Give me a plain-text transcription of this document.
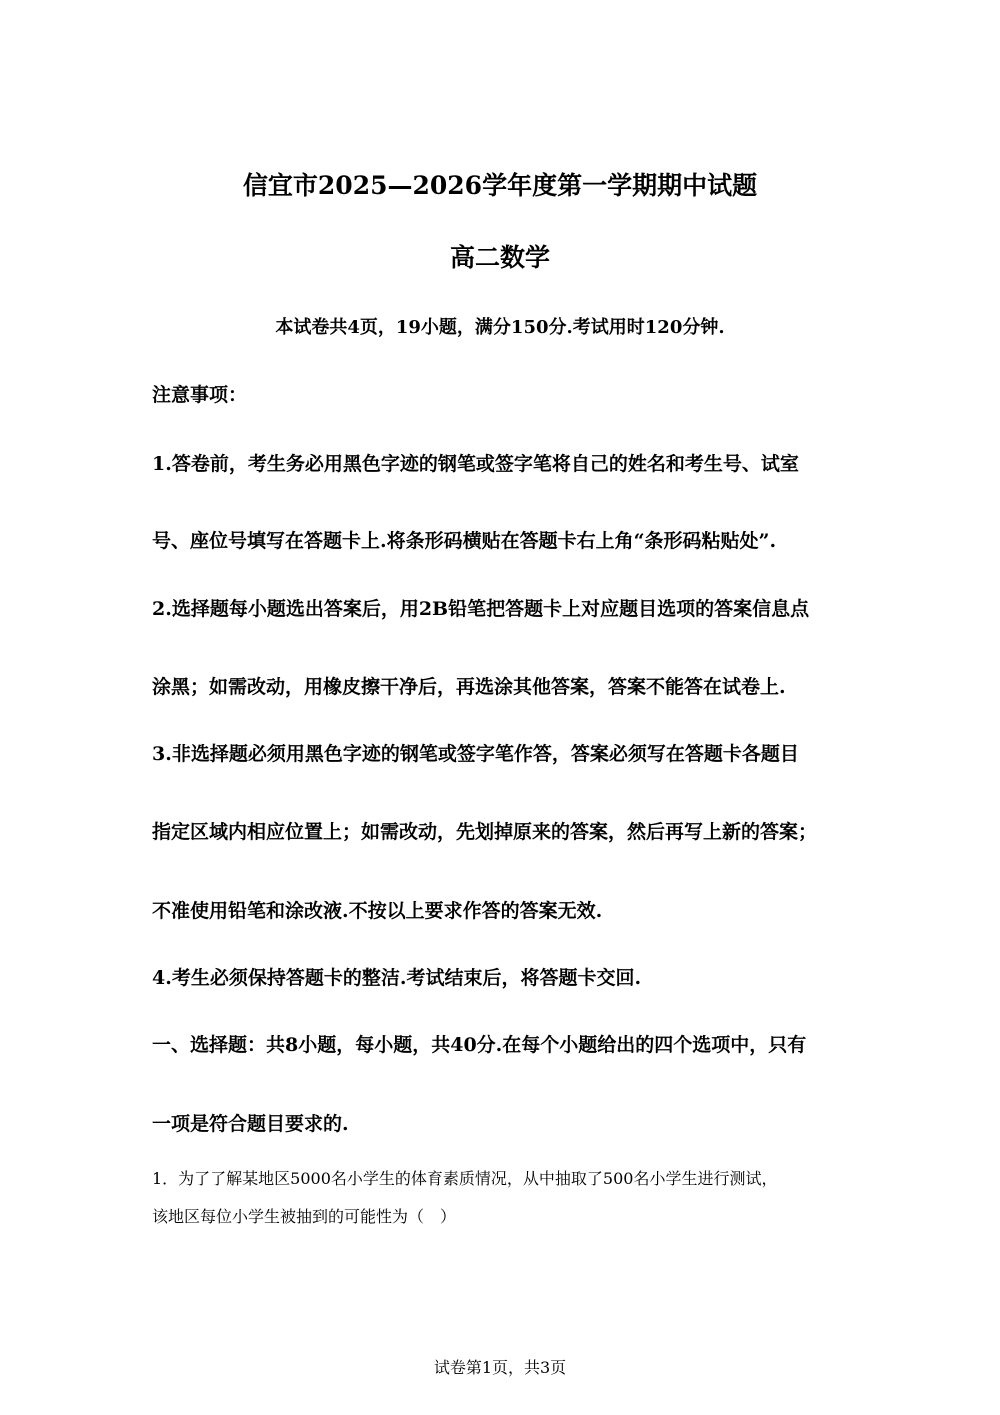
信宜市2025—2026学年度第一学期期中试题
高二数学
本试卷共4页，19小题，满分150分.考试用时120分钟.
注意事项：
1.答卷前，考生务必用黑色字迹的钢笔或签字笔将自己的姓名和考生号、试室
号、座位号填写在答题卡上.将条形码横贴在答题卡右上角“条形码粘贴处”.
2.选择题每小题选出答案后，用2B铅笔把答题卡上对应题目选项的答案信息点
涂黑；如需改动，用橡皮擦干净后，再选涂其他答案，答案不能答在试卷上.
3.非选择题必须用黑色字迹的钢笔或签字笔作答，答案必须写在答题卡各题目
指定区域内相应位置上；如需改动，先划掉原来的答案，然后再写上新的答案；
不准使用铅笔和涂改液.不按以上要求作答的答案无效.
4.考生必须保持答题卡的整洁.考试结束后，将答题卡交回.
一、选择题：共8小题，每小题，共40分.在每个小题给出的四个选项中，只有
一项是符合题目要求的.
1．为了了解某地区5000名小学生的体育素质情况，从中抽取了500名小学生进行测试，
该地区每位小学生被抽到的可能性为（　）
试卷第1页，共3页
